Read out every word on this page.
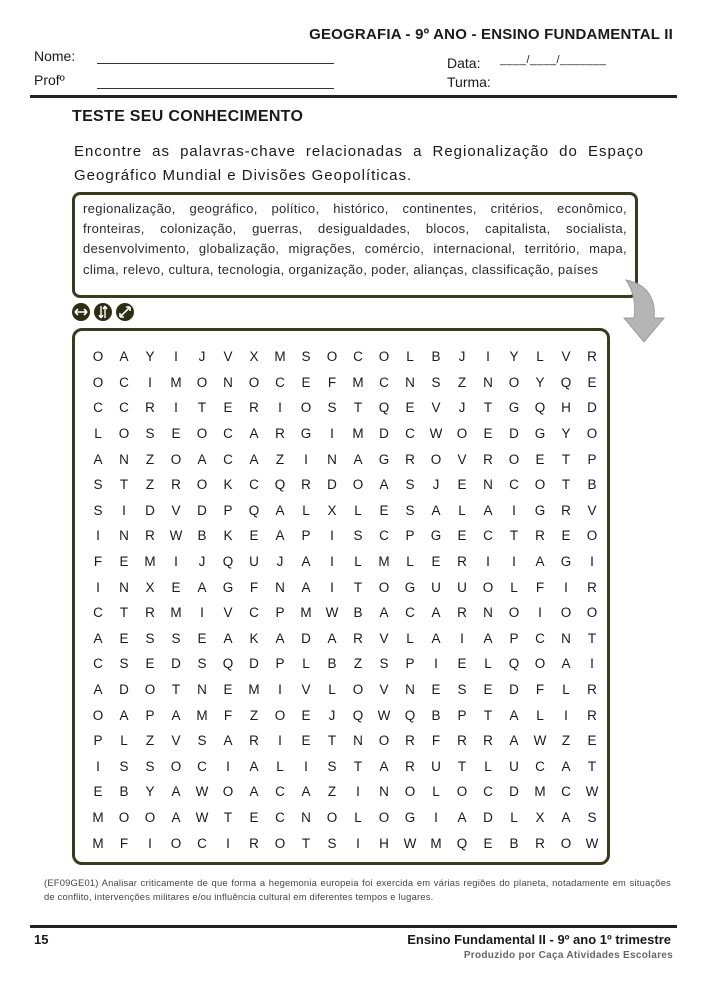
GEOGRAFIA - 9º ANO - ENSINO FUNDAMENTAL II
Nome:
Profº
Data: ____/____/_______
Turma:
TESTE SEU CONHECIMENTO
Encontre as palavras-chave relacionadas a Regionalização do Espaço Geográfico Mundial e Divisões Geopolíticas.
regionalização, geográfico, político, histórico, continentes, critérios, econômico, fronteiras, colonização, guerras, desigualdades, blocos, capitalista, socialista, desenvolvimento, globalização, migrações, comércio, internacional, território, mapa, clima, relevo, cultura, tecnologia, organização, poder, alianças, classificação, países
O	A	Y	I	J	V	X	M	S	O	C	O	L	B	J	I	Y	L	V	R
O	C	I	M	O	N	O	C	E	F	M	C	N	S	Z	N	O	Y	Q	E
C	C	R	I	T	E	R	I	O	S	T	Q	E	V	J	T	G	Q	H	D
L	O	S	E	O	C	A	R	G	I	M	D	C	W	O	E	D	G	Y	O
A	N	Z	O	A	C	A	Z	I	N	A	G	R	O	V	R	O	E	T	P
S	T	Z	R	O	K	C	Q	R	D	O	A	S	J	E	N	C	O	T	B
S	I	D	V	D	P	Q	A	L	X	L	E	S	A	L	A	I	G	R	V
I	N	R	W	B	K	E	A	P	I	S	C	P	G	E	C	T	R	E	O
F	E	M	I	J	Q	U	J	A	I	L	M	L	E	R	I	I	A	G	I
I	N	X	E	A	G	F	N	A	I	T	O	G	U	U	O	L	F	I	R
C	T	R	M	I	V	C	P	M	W	B	A	C	A	R	N	O	I	O	O
A	E	S	S	E	A	K	A	D	A	R	V	L	A	I	A	P	C	N	T
C	S	E	D	S	Q	D	P	L	B	Z	S	P	I	E	L	Q	O	A	I
A	D	O	T	N	E	M	I	V	L	O	V	N	E	S	E	D	F	L	R
O	A	P	A	M	F	Z	O	E	J	Q	W	Q	B	P	T	A	L	I	R
P	L	Z	V	S	A	R	I	E	T	N	O	R	F	R	R	A	W	Z	E
I	S	S	O	C	I	A	L	I	S	T	A	R	U	T	L	U	C	A	T
E	B	Y	A	W	O	A	C	A	Z	I	N	O	L	O	C	D	M	C	W
M	O	O	A	W	T	E	C	N	O	L	O	G	I	A	D	L	X	A	S
M	F	I	O	C	I	R	O	T	S	I	H	W	M	Q	E	B	R	O	W
(EF09GE01) Analisar criticamente de que forma a hegemonia europeia foi exercida em várias regiões do planeta, notadamente em situações de conflito, intervenções militares e/ou influência cultural em diferentes tempos e lugares.
15	Ensino Fundamental II - 9º ano 1º trimestre
Produzido por Caça Atividades Escolares
